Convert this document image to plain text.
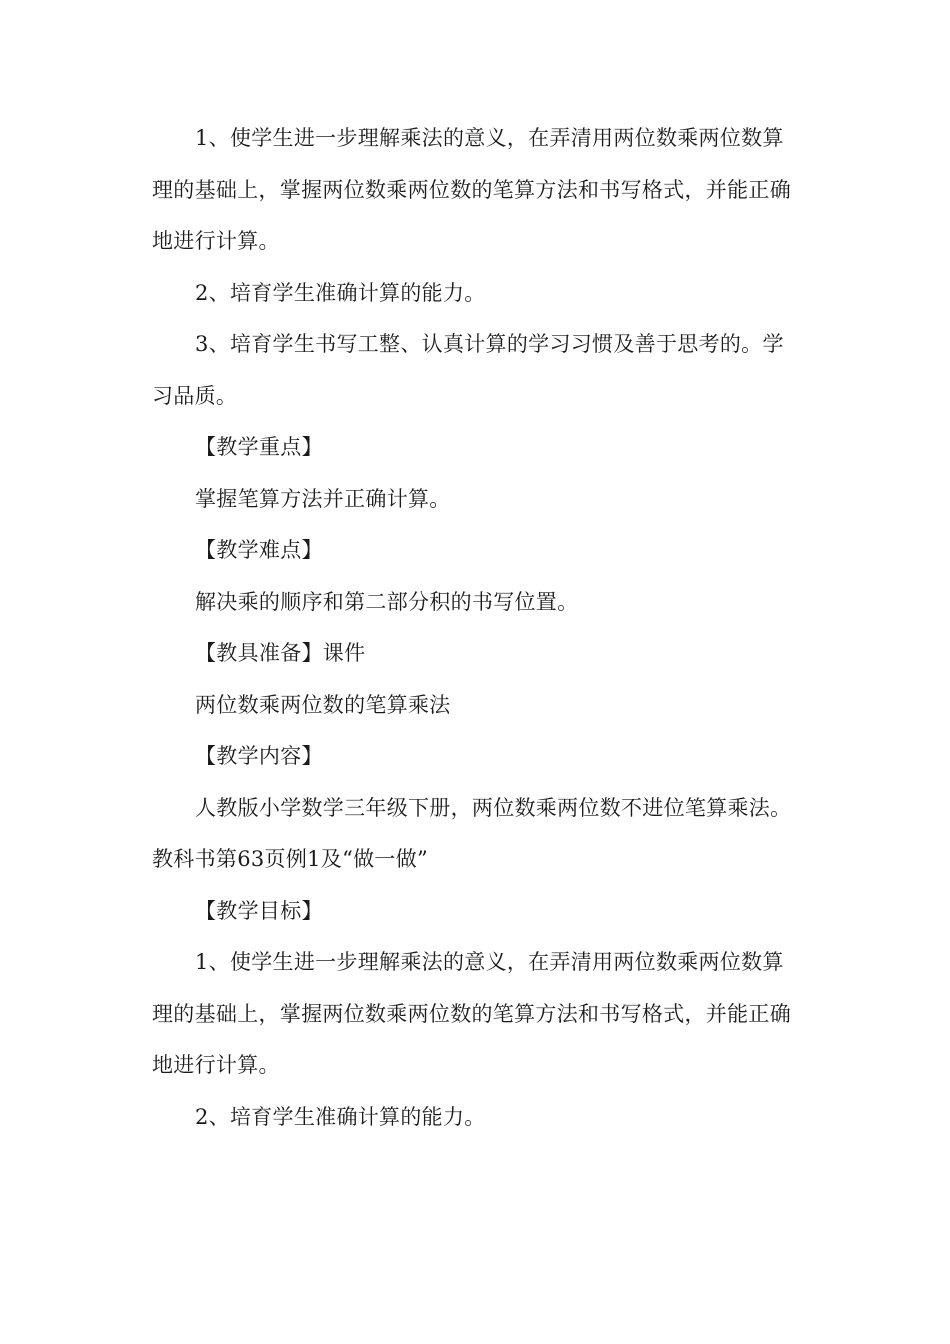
1、使学生进一步理解乘法的意义，在弄清用两位数乘两位数算理的基础上，掌握两位数乘两位数的笔算方法和书写格式，并能正确地进行计算。

2、培育学生准确计算的能力。

3、培育学生书写工整、认真计算的学习习惯及善于思考的。学习品质。

【教学重点】

掌握笔算方法并正确计算。

【教学难点】

解决乘的顺序和第二部分积的书写位置。

【教具准备】课件

两位数乘两位数的笔算乘法

【教学内容】

人教版小学数学三年级下册，两位数乘两位数不进位笔算乘法。教科书第63页例1及“做一做”

【教学目标】

1、使学生进一步理解乘法的意义，在弄清用两位数乘两位数算理的基础上，掌握两位数乘两位数的笔算方法和书写格式，并能正确地进行计算。

2、培育学生准确计算的能力。
